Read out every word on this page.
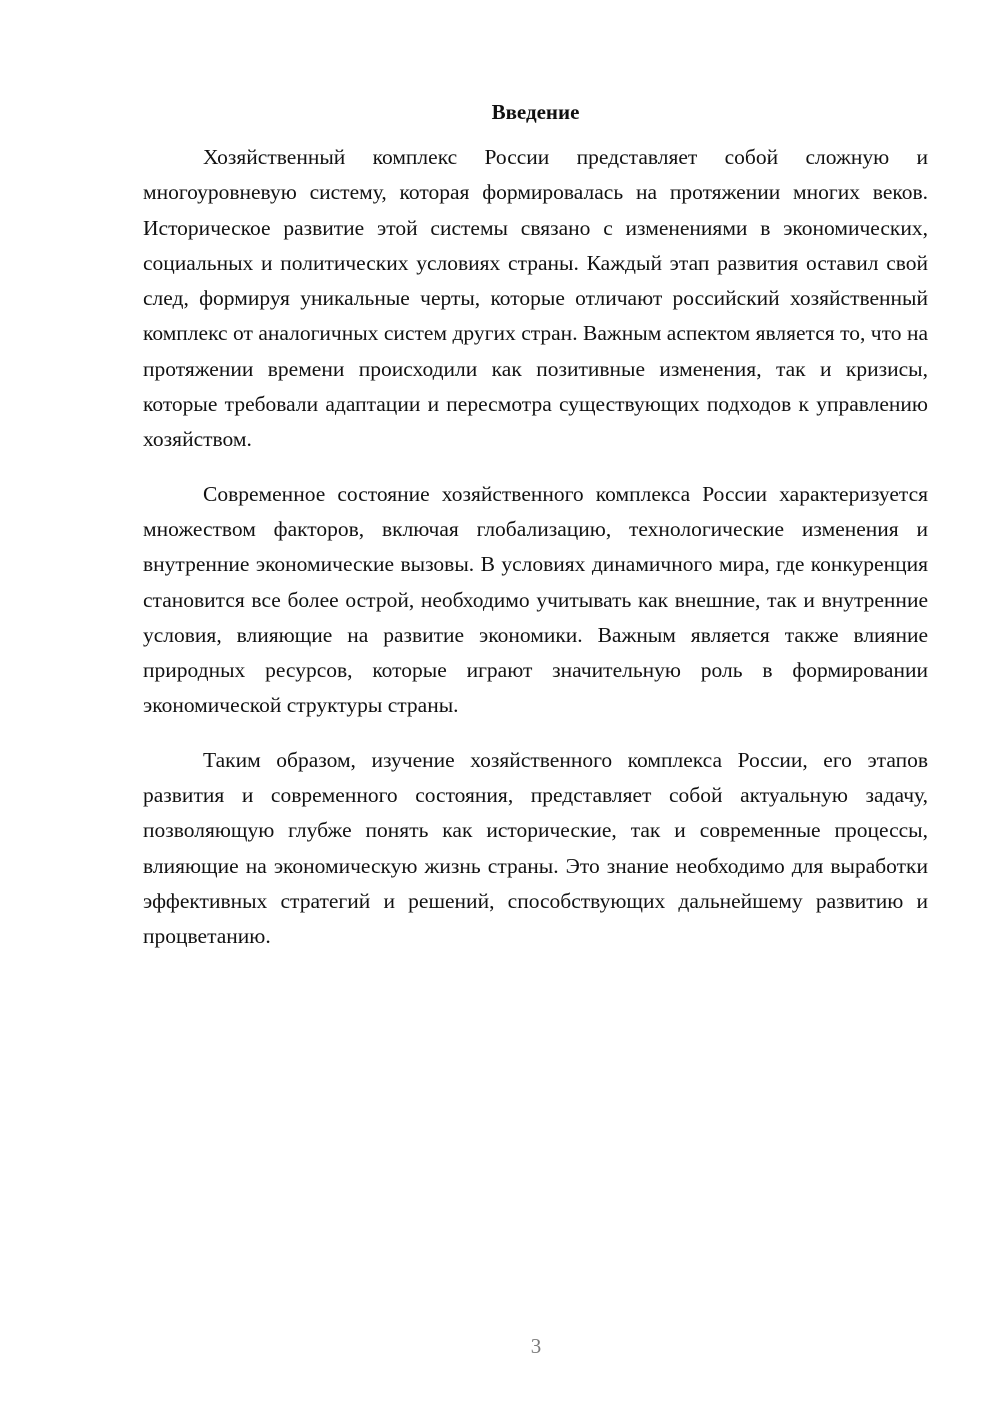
Введение

Хозяйственный комплекс России представляет собой сложную и многоуровневую систему, которая формировалась на протяжении многих веков. Историческое развитие этой системы связано с изменениями в экономических, социальных и политических условиях страны. Каждый этап развития оставил свой след, формируя уникальные черты, которые отличают российский хозяйственный комплекс от аналогичных систем других стран. Важным аспектом является то, что на протяжении времени происходили как позитивные изменения, так и кризисы, которые требовали адаптации и пересмотра существующих подходов к управлению хозяйством.

Современное состояние хозяйственного комплекса России характеризуется множеством факторов, включая глобализацию, технологические изменения и внутренние экономические вызовы. В условиях динамичного мира, где конкуренция становится все более острой, необходимо учитывать как внешние, так и внутренние условия, влияющие на развитие экономики. Важным является также влияние природных ресурсов, которые играют значительную роль в формировании экономической структуры страны.

Таким образом, изучение хозяйственного комплекса России, его этапов развития и современного состояния, представляет собой актуальную задачу, позволяющую глубже понять как исторические, так и современные процессы, влияющие на экономическую жизнь страны. Это знание необходимо для выработки эффективных стратегий и решений, способствующих дальнейшему развитию и процветанию.

3
